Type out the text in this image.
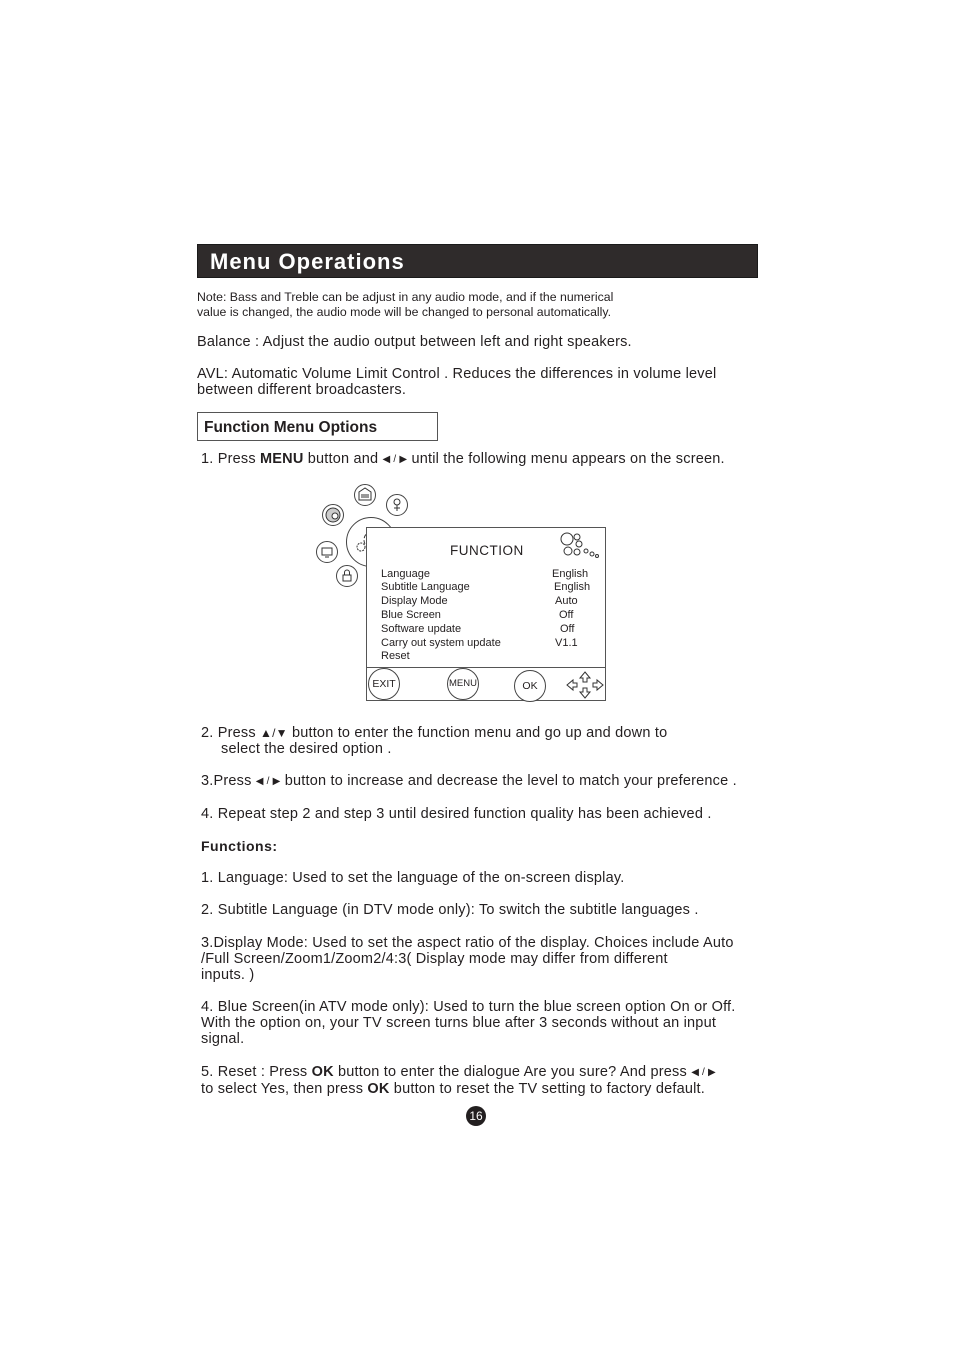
Menu Operations
Note: Bass and Treble can be adjust in any audio mode, and if the numerical
value is changed, the audio mode will be changed to personal automatically.
Balance : Adjust the audio output between left and right speakers.
AVL: Automatic Volume Limit Control . Reduces the differences in volume level
between different broadcasters.
Function Menu Options
1. Press MENU button and ◀ / ▶ until the following menu appears on the screen.
FUNCTION
Language	English
Subtitle Language	English
Display Mode	Auto
Blue Screen	Off
Software update	Off
Carry out system update	V1.1
Reset
EXIT	MENU	OK
2. Press ▲/▼ button to enter the function menu and go up and down to
select the desired option .
3.Press ◀ / ▶ button to increase and decrease the level to match your preference .
4. Repeat step 2 and step 3 until desired function quality has been achieved .
Functions:
1. Language: Used to set the language of the on-screen display.
2. Subtitle Language (in DTV mode only): To switch the subtitle languages .
3.Display Mode: Used to set the aspect ratio of the display. Choices include Auto
/Full Screen/Zoom1/Zoom2/4:3( Display mode may differ from different
inputs. )
4. Blue Screen(in ATV mode only): Used to turn the blue screen option On or Off.
With the option on, your TV screen turns blue after 3 seconds without an input
signal.
5. Reset : Press OK button to enter the dialogue Are you sure? And press ◀ / ▶
to select Yes, then press OK button to reset the TV setting to factory default.
16
